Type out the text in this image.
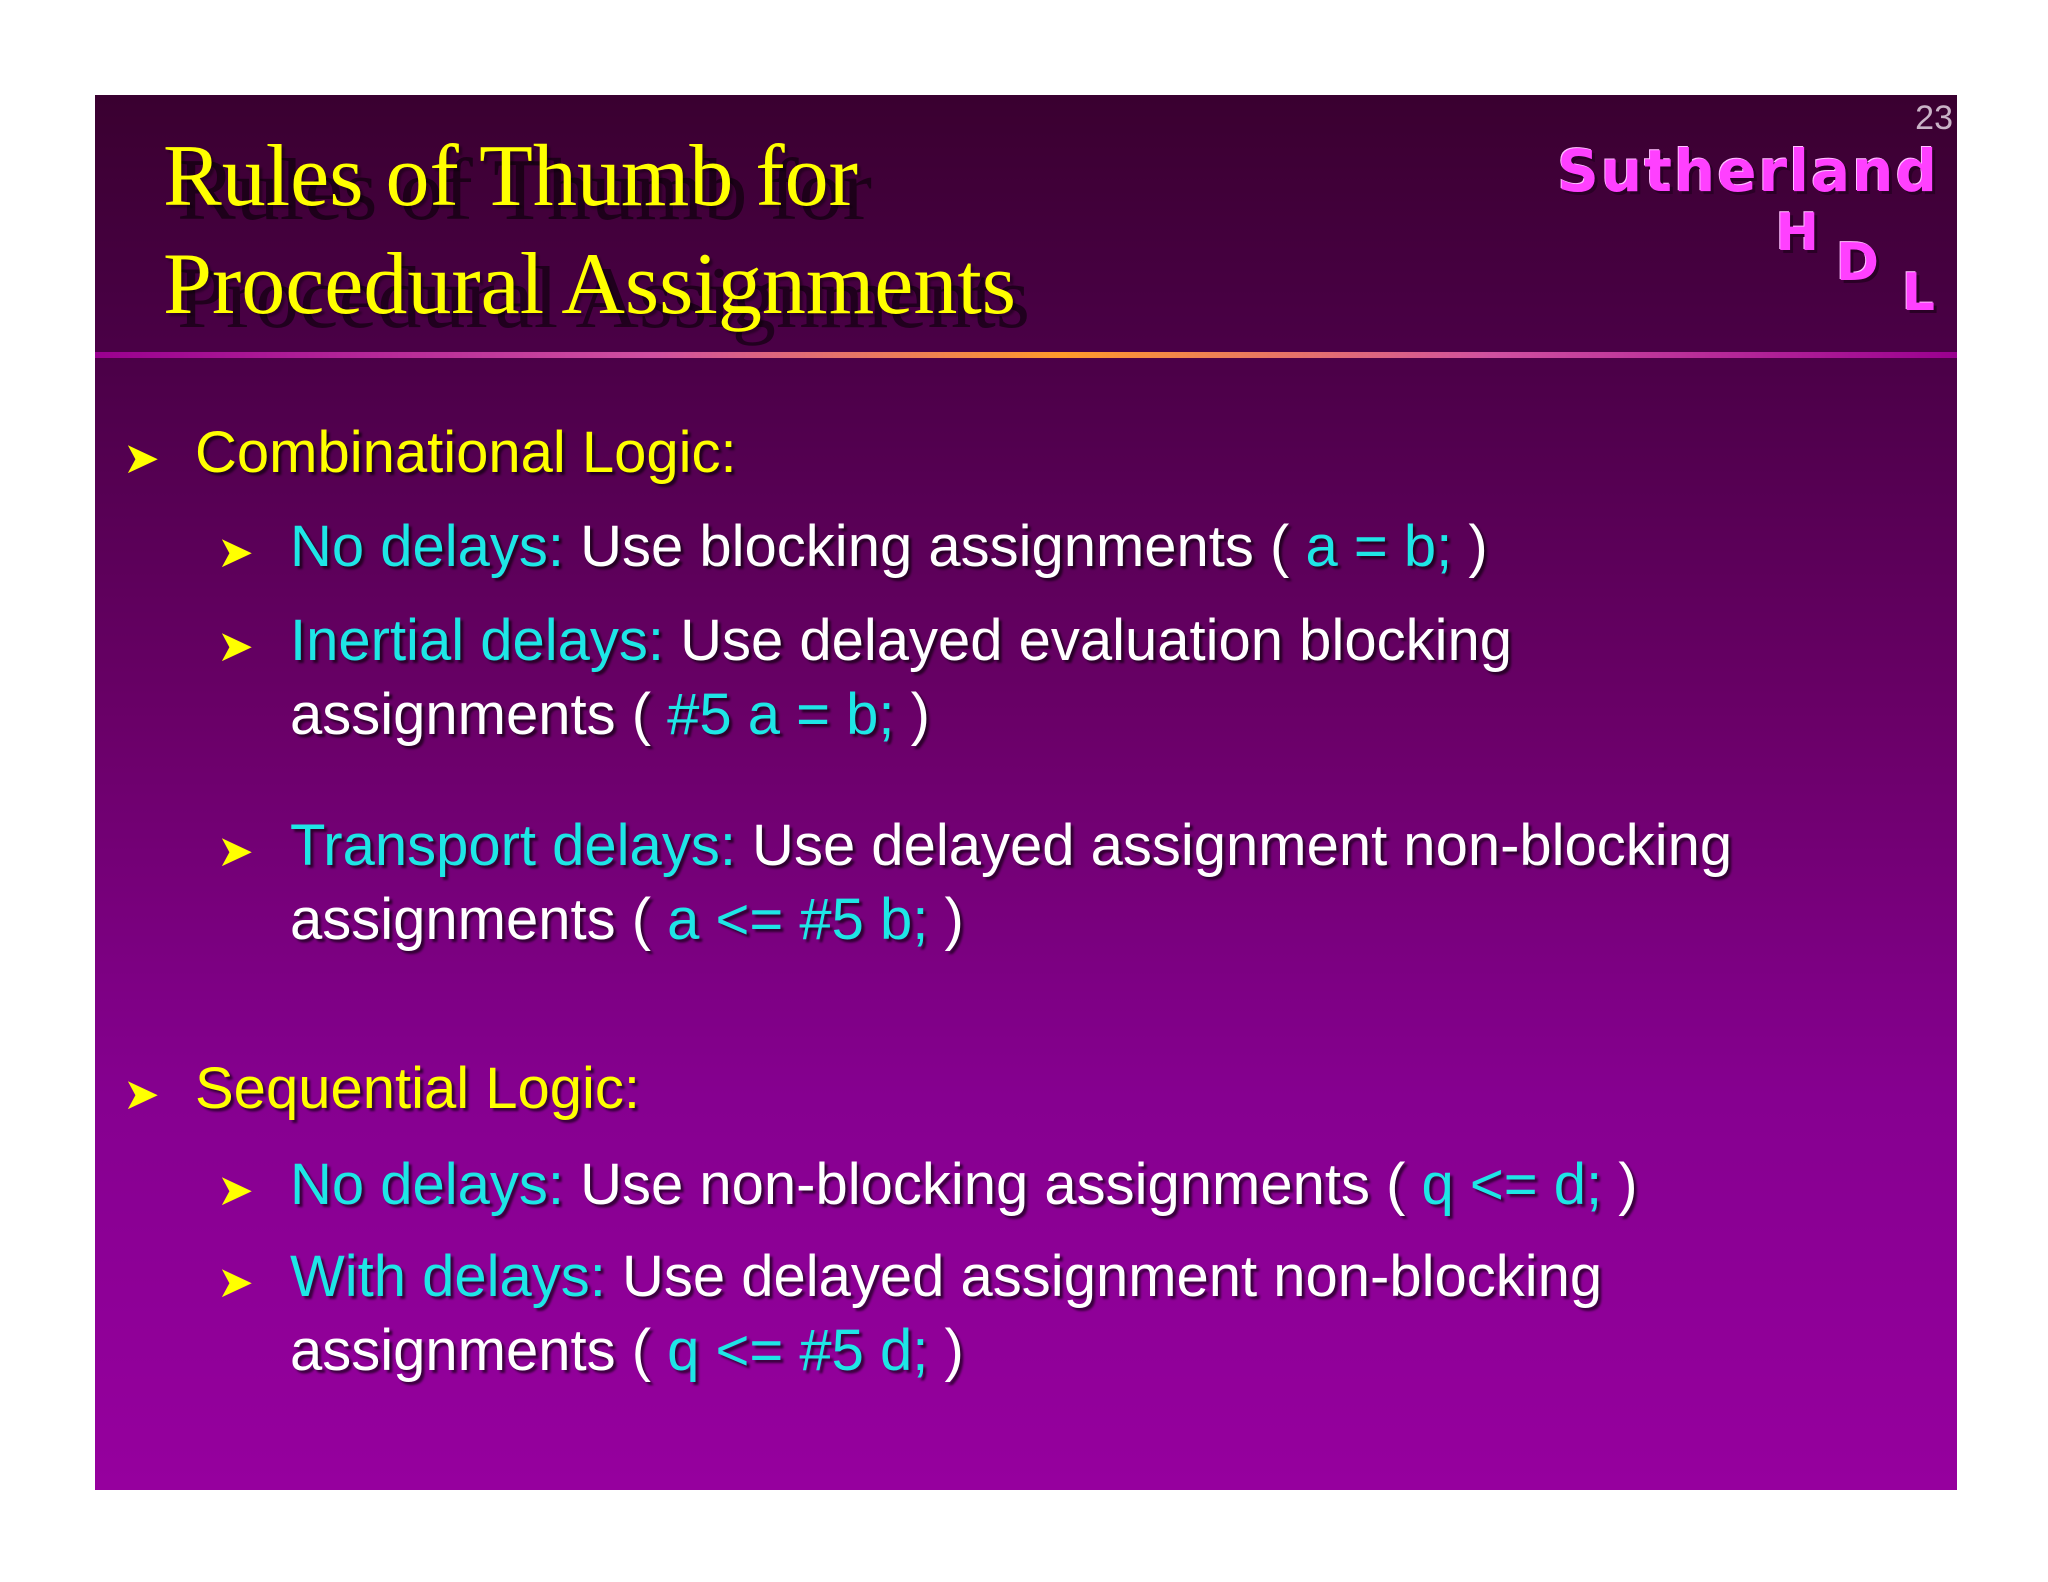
23
Rules of Thumb for
Procedural Assignments
Sutherland
H D L
➤ Combinational Logic:
➤ No delays: Use blocking assignments ( a = b; )
➤ Inertial delays: Use delayed evaluation blocking
assignments ( #5 a = b; )
➤ Transport delays: Use delayed assignment non-blocking
assignments ( a <= #5 b; )
➤ Sequential Logic:
➤ No delays: Use non-blocking assignments ( q <= d; )
➤ With delays: Use delayed assignment non-blocking
assignments ( q <= #5 d; )
